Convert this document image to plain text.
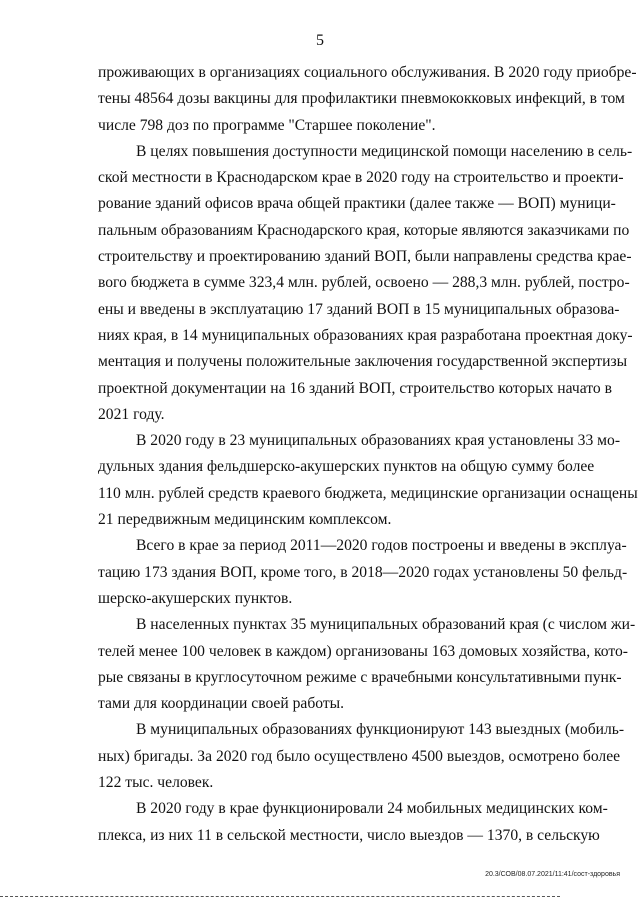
5

проживающих в организациях социального обслуживания. В 2020 году приобре-
тены 48564 дозы вакцины для профилактики пневмококковых инфекций, в том
числе 798 доз по программе "Старшее поколение".

В целях повышения доступности медицинской помощи населению в сель-
ской местности в Краснодарском крае в 2020 году на строительство и проекти-
рование зданий офисов врача общей практики (далее также — ВОП) муници-
пальным образованиям Краснодарского края, которые являются заказчиками по
строительству и проектированию зданий ВОП, были направлены средства крае-
вого бюджета в сумме 323,4 млн. рублей, освоено — 288,3 млн. рублей, постро-
ены и введены в эксплуатацию 17 зданий ВОП в 15 муниципальных образова-
ниях края, в 14 муниципальных образованиях края разработана проектная доку-
ментация и получены положительные заключения государственной экспертизы
проектной документации на 16 зданий ВОП, строительство которых начато в
2021 году.

В 2020 году в 23 муниципальных образованиях края установлены 33 мо-
дульных здания фельдшерско-акушерских пунктов на общую сумму более
110 млн. рублей средств краевого бюджета, медицинские организации оснащены
21 передвижным медицинским комплексом.

Всего в крае за период 2011—2020 годов построены и введены в эксплуа-
тацию 173 здания ВОП, кроме того, в 2018—2020 годах установлены 50 фельд-
шерско-акушерских пунктов.

В населенных пунктах 35 муниципальных образований края (с числом жи-
телей менее 100 человек в каждом) организованы 163 домовых хозяйства, кото-
рые связаны в круглосуточном режиме с врачебными консультативными пунк-
тами для координации своей работы.

В муниципальных образованиях функционируют 143 выездных (мобиль-
ных) бригады. За 2020 год было осуществлено 4500 выездов, осмотрено более
122 тыс. человек.

В 2020 году в крае функционировали 24 мобильных медицинских ком-
плекса, из них 11 в сельской местности, число выездов — 1370, в сельскую

20.3/СОВ/08.07.2021/11:41/сост-здоровья
